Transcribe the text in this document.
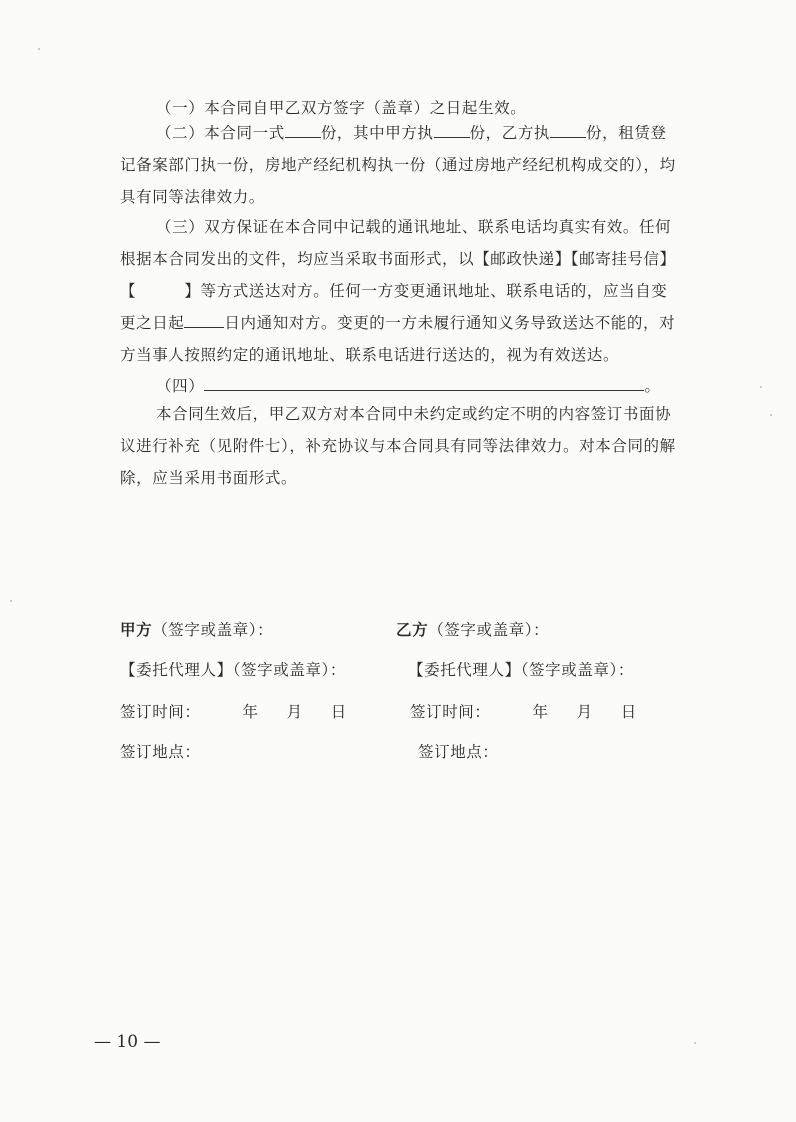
（一）本合同自甲乙双方签字（盖章）之日起生效。

（二）本合同一式 份，其中甲方执 份，乙方执 份，租赁登记备案部门执一份，房地产经纪机构执一份（通过房地产经纪机构成交的），均具有同等法律效力。

（三）双方保证在本合同中记载的通讯地址、联系电话均真实有效。任何根据本合同发出的文件，均应当采取书面形式，以【邮政快递】【邮寄挂号信】【　　　】等方式送达对方。任何一方变更通讯地址、联系电话的，应当自变更之日起	日内通知对方。变更的一方未履行通知义务导致送达不能的，对方当事人按照约定的通讯地址、联系电话进行送达的，视为有效送达。

（四）	。

本合同生效后，甲乙双方对本合同中未约定或约定不明的内容签订书面协议进行补充（见附件七），补充协议与本合同具有同等法律效力。对本合同的解除，应当采用书面形式。

甲方（签字或盖章）：
【委托代理人】（签字或盖章）：
签订时间：	年 月 日
签订地点：
乙方（签字或盖章）：
【委托代理人】（签字或盖章）：
签订时间：	年 月 日
签订地点：
— 10 —
